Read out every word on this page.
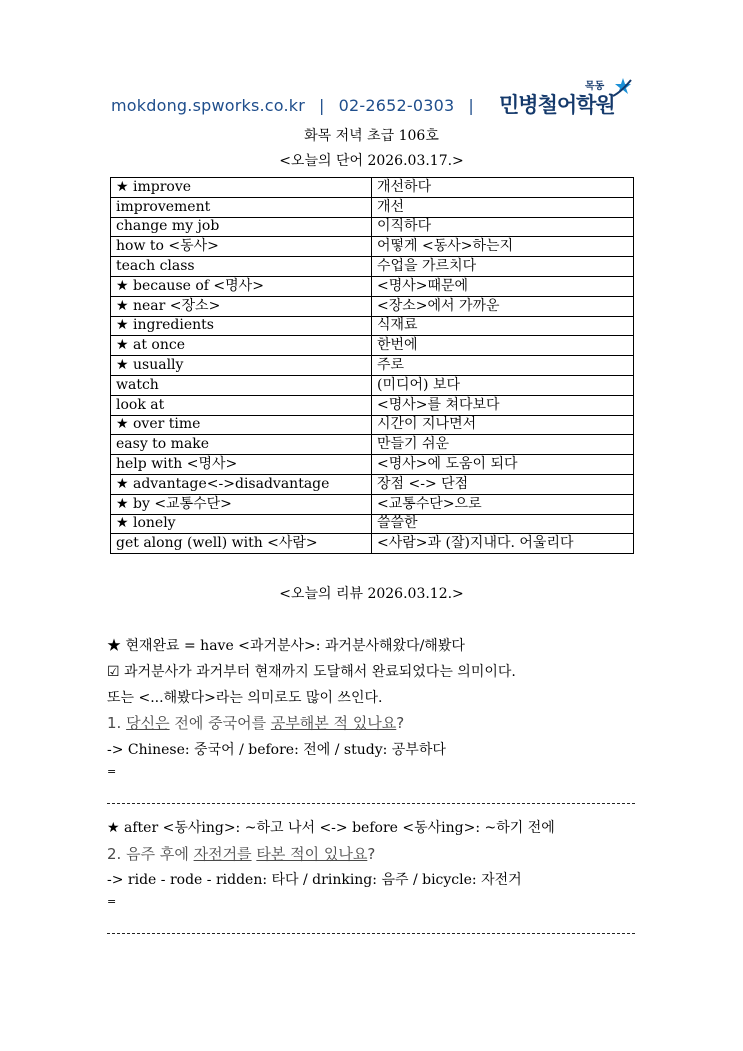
mokdong.spworks.co.kr | 02-2652-0303 |
목동
민병철어학원
화목 저녁 초급 106호
<오늘의 단어 2026.03.17.>
★ improve	개선하다
improvement	개선
change my job	이직하다
how to <동사>	어떻게 <동사>하는지
teach class	수업을 가르치다
★ because of <명사>	<명사>때문에
★ near <장소>	<장소>에서 가까운
★ ingredients	식재료
★ at once	한번에
★ usually	주로
watch	(미디어) 보다
look at	<명사>를 쳐다보다
★ over time	시간이 지나면서
easy to make	만들기 쉬운
help with <명사>	<명사>에 도움이 되다
★ advantage<->disadvantage	장점 <-> 단점
★ by <교통수단>	<교통수단>으로
★ lonely	쓸쓸한
get along (well) with <사람>	<사람>과 (잘)지내다. 어울리다
<오늘의 리뷰 2026.03.12.>
★ 현재완료 = have <과거분사>: 과거분사해왔다/해봤다
☑ 과거분사가 과거부터 현재까지 도달해서 완료되었다는 의미이다.
또는 <...해봤다>라는 의미로도 많이 쓰인다.
1. 당신은 전에 중국어를 공부해본 적 있나요?
-> Chinese: 중국어 / before: 전에 / study: 공부하다
=
★ after <동사ing>: ~하고 나서 <-> before <동사ing>: ~하기 전에
2. 음주 후에 자전거를 타본 적이 있나요?
-> ride - rode - ridden: 타다 / drinking: 음주 / bicycle: 자전거
=
